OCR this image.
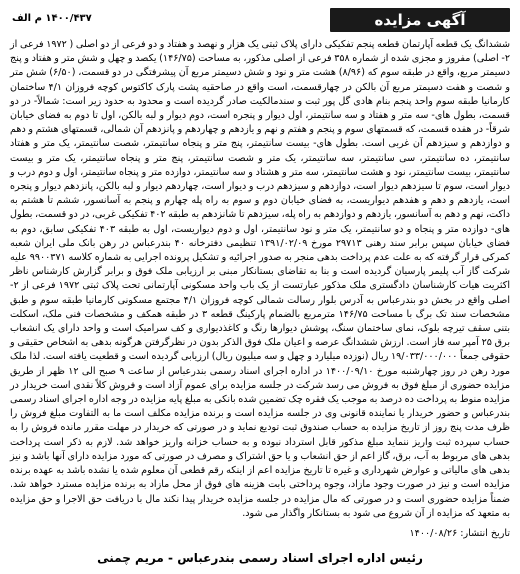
۱۴۰۰/۴۳۷ م الف	آگهی مزایده

ششدانگ یک قطعه آپارتمان قطعه پنجم تفکیکی دارای پلاک ثبتی یک هزار و نهصد و هفتاد و دو فرعی از دو اصلی ( ۱۹۷۲ فرعی از ۲- اصلی) مفروز و مجزی شده از شماره ۳۵۸ فرعی از اصلی مذکور، به مساحت (۱۴۶/۷۵) یکصد و چهل و شش متر و هفتاد و پنج دسیمتر مربع، واقع در طبقه سوم که (۸/۹۶) هشت متر و نود و شش دسیمتر مربع آن پیشرفتگی در دو قسمت، (۶/۵۰) شش متر و شصت و هفت دسیمتر مربع آن بالکن در چهارقسمت، است واقع در صاحقیه پشت پارک کاکتوس کوچه فروزان ۴/۱ ساختمان کارمانیا طبقه سوم واحد پنجم بنام هادی گل پور ثبت و سندمالکیت صادر گردیده است و محدود به حدود زیر است: شمالاً- در دو قسمت، بطول های- سه متر و هفتاد و سه سانتیمتر، اول دیوار و پنجره است، دوم دیوار و لبه بالکن، اول تا دوم به فضای خیابان شرقاً- در هفده قسمت، که قسمتهای سوم و پنجم و هفتم و نهم و یازدهم و چهاردهم و پانزدهم آن شمالی، قسمتهای هشتم و دهم و دوازدهم و سیزدهم آن غربی است. بطول های- بیست سانتیمتر، پنج متر و پنجاه سانتیمتر، شصت سانتیمتر، یک متر و هفتاد سانتیمتر، ده سانتیمتر، سی سانتیمتر، سه سانتیمتر، یک متر و شصت سانتیمتر، پنج متر و پنجاه سانتیمتر، یک متر و بیست سانتیمتر، بیست سانتیمتر، نود و هشت سانتیمتر، سه متر و هشتاد و سه سانتیمتر، دوازده متر و پنجاه سانتیمتر، اول و دوم درب و دیوار است، سوم تا سیزدهم دیوار است، دوازدهم و سیزدهم درب و دیوار است، چهاردهم دیوار و لبه بالکن، پانزدهم دیوار و پنجره است، یازدهم و دهم و هفدهم دیواریست، به فضای خیابان دوم و سوم به راه پله چهارم و پنجم به آسانسور، ششم تا هشتم به داکت، نهم و دهم به آسانسور، یازدهم و دوازدهم به راه پله، سیزدهم تا شانزدهم به طبقه ۴۰۲ تفکیکی غربی، در دو قسمت، بطول های- دوازده متر و پنجاه و دو سانتیمتر، یک متر و نود سانتیمتر، اول و دوم دیواریست، اول به طبقه ۴۰۳ تفکیکی سابق، دوم به فضای خیابان سپس برابر سند رهنی ۲۹۷۱۳ مورخ ۱۳۹۱/۰۲/۰۹ تنظیمی دفترخانه ۴۰ بندرعباس در رهن بانک ملی ایران شعبه کمرکی قرار گرفته که به علت عدم پرداخت بدهی منجر به صدور اجرائیه و تشکیل پرونده اجرایی به شماره کلاسه ۹۹۰۰۳۷۱ علیه شرکت گاز آب پلیمر پارسیان گردیده است و بنا به تقاضای بستانکار مبنی بر ارزیابی ملک فوق و برابر گزارش کارشناس ناظر اکثریت هیات کارشناسان دادگستری ملک مذکور عبارتست از یک باب واحد مسکونی آپارتمانی تحت پلاک ثبتی ۱۹۷۲ فرعی از ۲- اصلی واقع در بخش دو بندرعباس به آدرس بلوار رسالت شمالی کوچه فروزان ۴/۱ مجتمع مسکونی کارمانیا طبقه سوم و طبق مشخصات سند تک برگ با مساحت ۱۴۶/۷۵ مترمربع بالضمام پارکینگ قطعه ۳ در طبقه همکف و مشخصات فنی ملک، اسکلت بتنی سقف تیرچه بلوک، نمای ساختمان سنگ، پوشش دیوارها رنگ و کاغذدیواری و کف سرامیک است و واحد دارای یک انشعاب برق ۲۵ آمپر سه فاز است. ارزش ششدانگ عرصه و اعیان ملک فوق الذکر بدون در نظرگرفتن هرگونه بدهی به اشخاص حقیقی و حقوقی جمعاً ۱۹/۰۳۳/۰۰۰/۰۰۰ ریال (نوزده میلیارد و چهل و سه میلیون ریال) ارزیابی گردیده است و قطعیت یافته است. لذا ملک مورد رهن در روز چهارشنبه مورخ ۱۴۰۰/۰۹/۱۰ در اداره اجرای اسناد رسمی بندرعباس از ساعت ۹ صبح الی ۱۲ ظهر از طریق مزایده حضوری از مبلغ فوق به فروش می رسد شرکت در جلسه مزایده برای عموم آزاد است و فروش کلاً نقدی است خریدار در مزایده منوط به پرداخت ده درصد به موجب یک فقره چک تضمین شده بانکی به مبلغ پایه مزایده در وجه اداره اجرای اسناد رسمی بندرعباس و حضور خریدار یا نماینده قانونی وی در جلسه مزایده است و برنده مزایده مکلف است ما به التفاوت مبلغ فروش را ظرف مدت پنج روز از تاریخ مزایده به حساب صندوق ثبت تودیع نماید و در صورتی که خریدار در مهلت مقرر مانده فروش را به حساب سپرده ثبت واریز ننماید مبلغ مذکور قابل استرداد نبوده و به حساب خزانه واریز خواهد شد. لازم به ذکر است پرداخت بدهی های مربوط به آب، برق، گاز اعم از حق انشعاب و یا حق اشتراک و مصرف در صورتی که مورد مزایده دارای آنها باشد و نیز بدهی های مالیاتی و عوارض شهرداری و غیره تا تاریخ مزایده اعم از اینکه رقم قطعی آن معلوم شده یا نشده باشد به عهده برنده مزایده است و نیز در صورت وجود مازاد، وجوه پرداختی بابت هزینه های فوق از محل مازاد به برنده مزایده مسترد خواهد شد. ضمناً مزایده حضوری است و در صورتی که مال مزایده در جلسه مزایده خریدار پیدا نکند مال با دریافت حق الاجرا و حق مزایده به متعهد که مزایده از آن شروع می شود به بستانکار واگذار می شود.

تاریخ انتشار: ۱۴۰۰/۰۸/۲۶
رئیس اداره اجرای اسناد رسمی بندرعباس - مریم چمنی
